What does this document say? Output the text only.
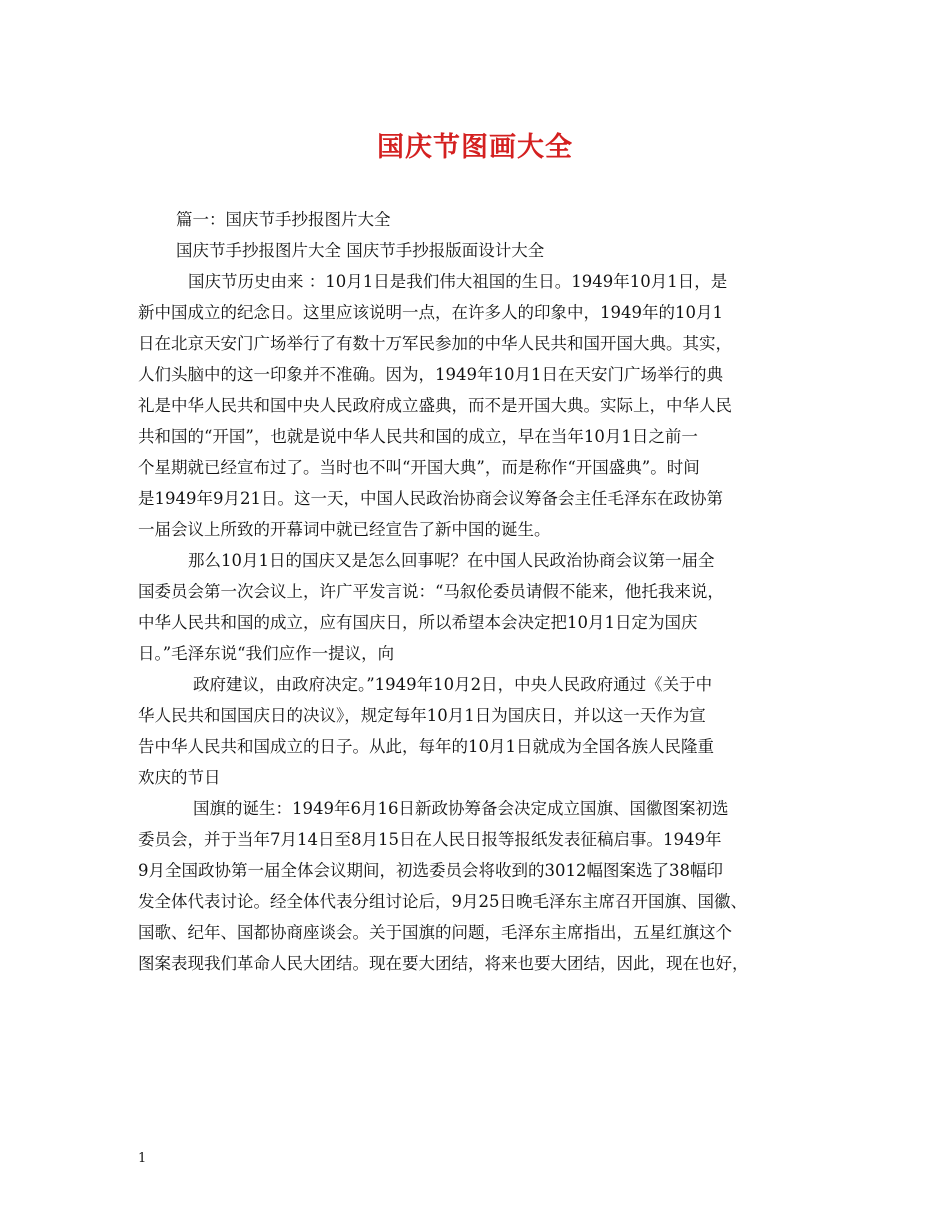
国庆节图画大全
篇一：国庆节手抄报图片大全
国庆节手抄报图片大全 国庆节手抄报版面设计大全
国庆节历史由来 ：10月1日是我们伟大祖国的生日。1949年10月1日，是
新中国成立的纪念日。这里应该说明一点，在许多人的印象中，1949年的10月1
日在北京天安门广场举行了有数十万军民参加的中华人民共和国开国大典。其实，
人们头脑中的这一印象并不准确。因为，1949年10月1日在天安门广场举行的典
礼是中华人民共和国中央人民政府成立盛典，而不是开国大典。实际上，中华人民
共和国的“开国”，也就是说中华人民共和国的成立，早在当年10月1日之前一
个星期就已经宣布过了。当时也不叫“开国大典”，而是称作“开国盛典”。时间
是1949年9月21日。这一天，中国人民政治协商会议筹备会主任毛泽东在政协第
一届会议上所致的开幕词中就已经宣告了新中国的诞生。
那么10月1日的国庆又是怎么回事呢？在中国人民政治协商会议第一届全
国委员会第一次会议上，许广平发言说：“马叙伦委员请假不能来，他托我来说，
中华人民共和国的成立，应有国庆日，所以希望本会决定把10月1日定为国庆
日。”毛泽东说“我们应作一提议，向
政府建议，由政府决定。”1949年10月2日，中央人民政府通过《关于中
华人民共和国国庆日的决议》，规定每年10月1日为国庆日，并以这一天作为宣
告中华人民共和国成立的日子。从此，每年的10月1日就成为全国各族人民隆重
欢庆的节日
国旗的诞生：1949年6月16日新政协筹备会决定成立国旗、国徽图案初选
委员会，并于当年7月14日至8月15日在人民日报等报纸发表征稿启事。1949年
9月全国政协第一届全体会议期间，初选委员会将收到的3012幅图案选了38幅印
发全体代表讨论。经全体代表分组讨论后，9月25日晚毛泽东主席召开国旗、国徽、
国歌、纪年、国都协商座谈会。关于国旗的问题，毛泽东主席指出，五星红旗这个
图案表现我们革命人民大团结。现在要大团结，将来也要大团结，因此，现在也好，
1
